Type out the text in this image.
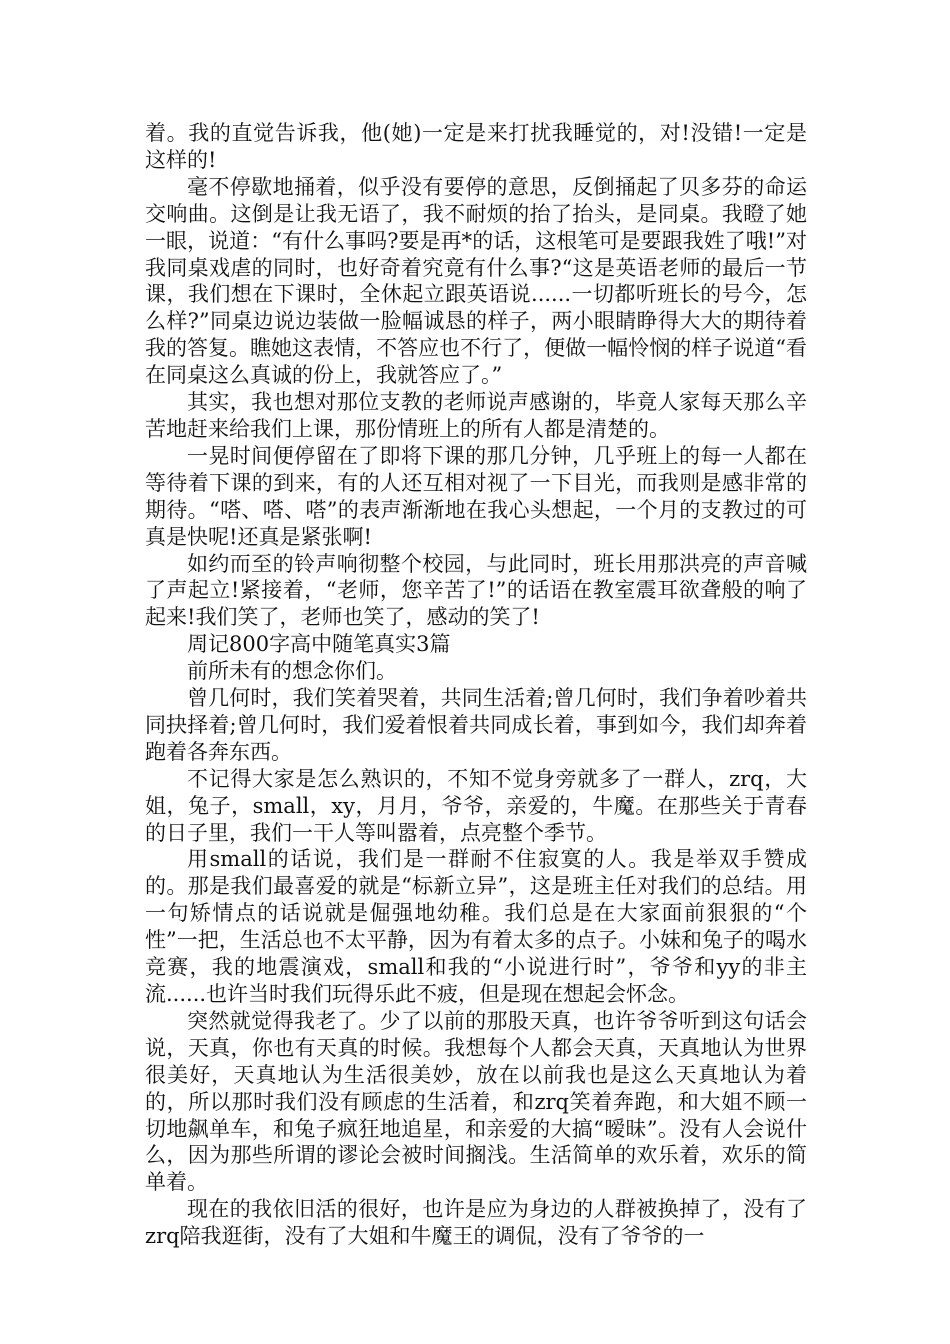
着。我的直觉告诉我，他(她)一定是来打扰我睡觉的，对!没错!一定是这样的!

毫不停歇地捅着，似乎没有要停的意思，反倒捅起了贝多芬的命运交响曲。这倒是让我无语了，我不耐烦的抬了抬头，是同桌。我瞪了她一眼，说道：“有什么事吗?要是再*的话，这根笔可是要跟我姓了哦!”对我同桌戏虐的同时，也好奇着究竟有什么事?“这是英语老师的最后一节课，我们想在下课时，全休起立跟英语说......一切都听班长的号今，怎么样?”同桌边说边装做一脸幅诚恳的样子，两小眼睛睁得大大的期待着我的答复。瞧她这表情，不答应也不行了，便做一幅怜悯的样子说道“看在同桌这么真诚的份上，我就答应了。”

其实，我也想对那位支教的老师说声感谢的，毕竟人家每天那么辛苦地赶来给我们上课，那份情班上的所有人都是清楚的。

一晃时间便停留在了即将下课的那几分钟，几乎班上的每一人都在等待着下课的到来，有的人还互相对视了一下目光，而我则是感非常的期待。“嗒、嗒、嗒”的表声渐渐地在我心头想起，一个月的支教过的可真是快呢!还真是紧张啊!

如约而至的铃声响彻整个校园，与此同时，班长用那洪亮的声音喊了声起立!紧接着，“老师，您辛苦了!”的话语在教室震耳欲聋般的响了起来!我们笑了，老师也笑了，感动的笑了!

周记800字高中随笔真实3篇

前所未有的想念你们。

曾几何时，我们笑着哭着，共同生活着;曾几何时，我们争着吵着共同抉择着;曾几何时，我们爱着恨着共同成长着，事到如今，我们却奔着跑着各奔东西。

不记得大家是怎么熟识的，不知不觉身旁就多了一群人，zrq，大姐，兔子，small，xy，月月，爷爷，亲爱的，牛魔。在那些关于青春的日子里，我们一干人等叫嚣着，点亮整个季节。

用small的话说，我们是一群耐不住寂寞的人。我是举双手赞成的。那是我们最喜爱的就是“标新立异”，这是班主任对我们的总结。用一句矫情点的话说就是倔强地幼稚。我们总是在大家面前狠狠的“个性”一把，生活总也不太平静，因为有着太多的点子。小妹和兔子的喝水竞赛，我的地震演戏，small和我的“小说进行时”，爷爷和yy的非主流......也许当时我们玩得乐此不疲，但是现在想起会怀念。

突然就觉得我老了。少了以前的那股天真，也许爷爷听到这句话会说，天真，你也有天真的时候。我想每个人都会天真，天真地认为世界很美好，天真地认为生活很美妙，放在以前我也是这么天真地认为着的，所以那时我们没有顾虑的生活着，和zrq笑着奔跑，和大姐不顾一切地飙单车，和兔子疯狂地追星，和亲爱的大搞“暧昧”。没有人会说什么，因为那些所谓的谬论会被时间搁浅。生活简单的欢乐着，欢乐的简单着。

现在的我依旧活的很好，也许是应为身边的人群被换掉了，没有了zrq陪我逛街，没有了大姐和牛魔王的调侃，没有了爷爷的一
